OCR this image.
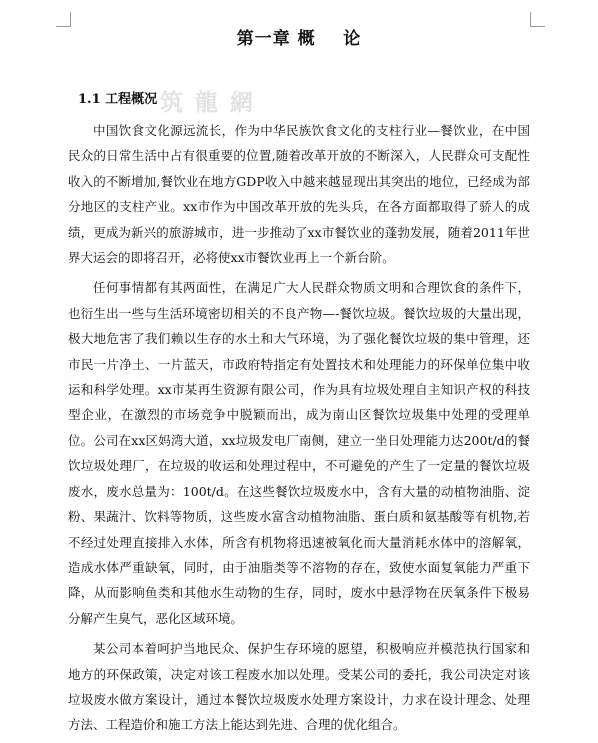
第一章 概    论
筑 龍 網
1.1 工程概况

中国饮食文化源远流长，作为中华民族饮食文化的支柱行业—餐饮业，在中国民众的日常生活中占有很重要的位置,随着改革开放的不断深入，人民群众可支配性收入的不断增加,餐饮业在地方GDP收入中越来越显现出其突出的地位，已经成为部分地区的支柱产业。xx市作为中国改革开放的先头兵，在各方面都取得了骄人的成绩，更成为新兴的旅游城市，进一步推动了xx市餐饮业的蓬勃发展，随着2011年世界大运会的即将召开，必将使xx市餐饮业再上一个新台阶。

任何事情都有其两面性，在满足广大人民群众物质文明和合理饮食的条件下，也衍生出一些与生活环境密切相关的不良产物—-餐饮垃圾。餐饮垃圾的大量出现，极大地危害了我们赖以生存的水土和大气环境，为了强化餐饮垃圾的集中管理，还市民一片净土、一片蓝天，市政府特指定有处置技术和处理能力的环保单位集中收运和科学处理。xx市某再生资源有限公司，作为具有垃圾处理自主知识产权的科技型企业，在激烈的市场竞争中脱颖而出，成为南山区餐饮垃圾集中处理的受理单位。公司在xx区妈湾大道，xx垃圾发电厂南侧，建立一坐日处理能力达200t/d的餐饮垃圾处理厂，在垃圾的收运和处理过程中，不可避免的产生了一定量的餐饮垃圾废水，废水总量为：100t/d。在这些餐饮垃圾废水中，含有大量的动植物油脂、淀粉、果蔬汁、饮料等物质，这些废水富含动植物油脂、蛋白质和氨基酸等有机物,若不经过处理直接排入水体，所含有机物将迅速被氧化而大量消耗水体中的溶解氧，造成水体严重缺氧，同时，由于油脂类等不溶物的存在，致使水面复氧能力严重下降，从而影响鱼类和其他水生动物的生存，同时，废水中悬浮物在厌氧条件下极易分解产生臭气，恶化区域环境。

某公司本着呵护当地民众、保护生存环境的愿望，积极响应并模范执行国家和地方的环保政策，决定对该工程废水加以处理。受某公司的委托，我公司决定对该垃圾废水做方案设计，通过本餐饮垃圾废水处理方案设计，力求在设计理念、处理方法、工程造价和施工方法上能达到先进、合理的优化组合。
